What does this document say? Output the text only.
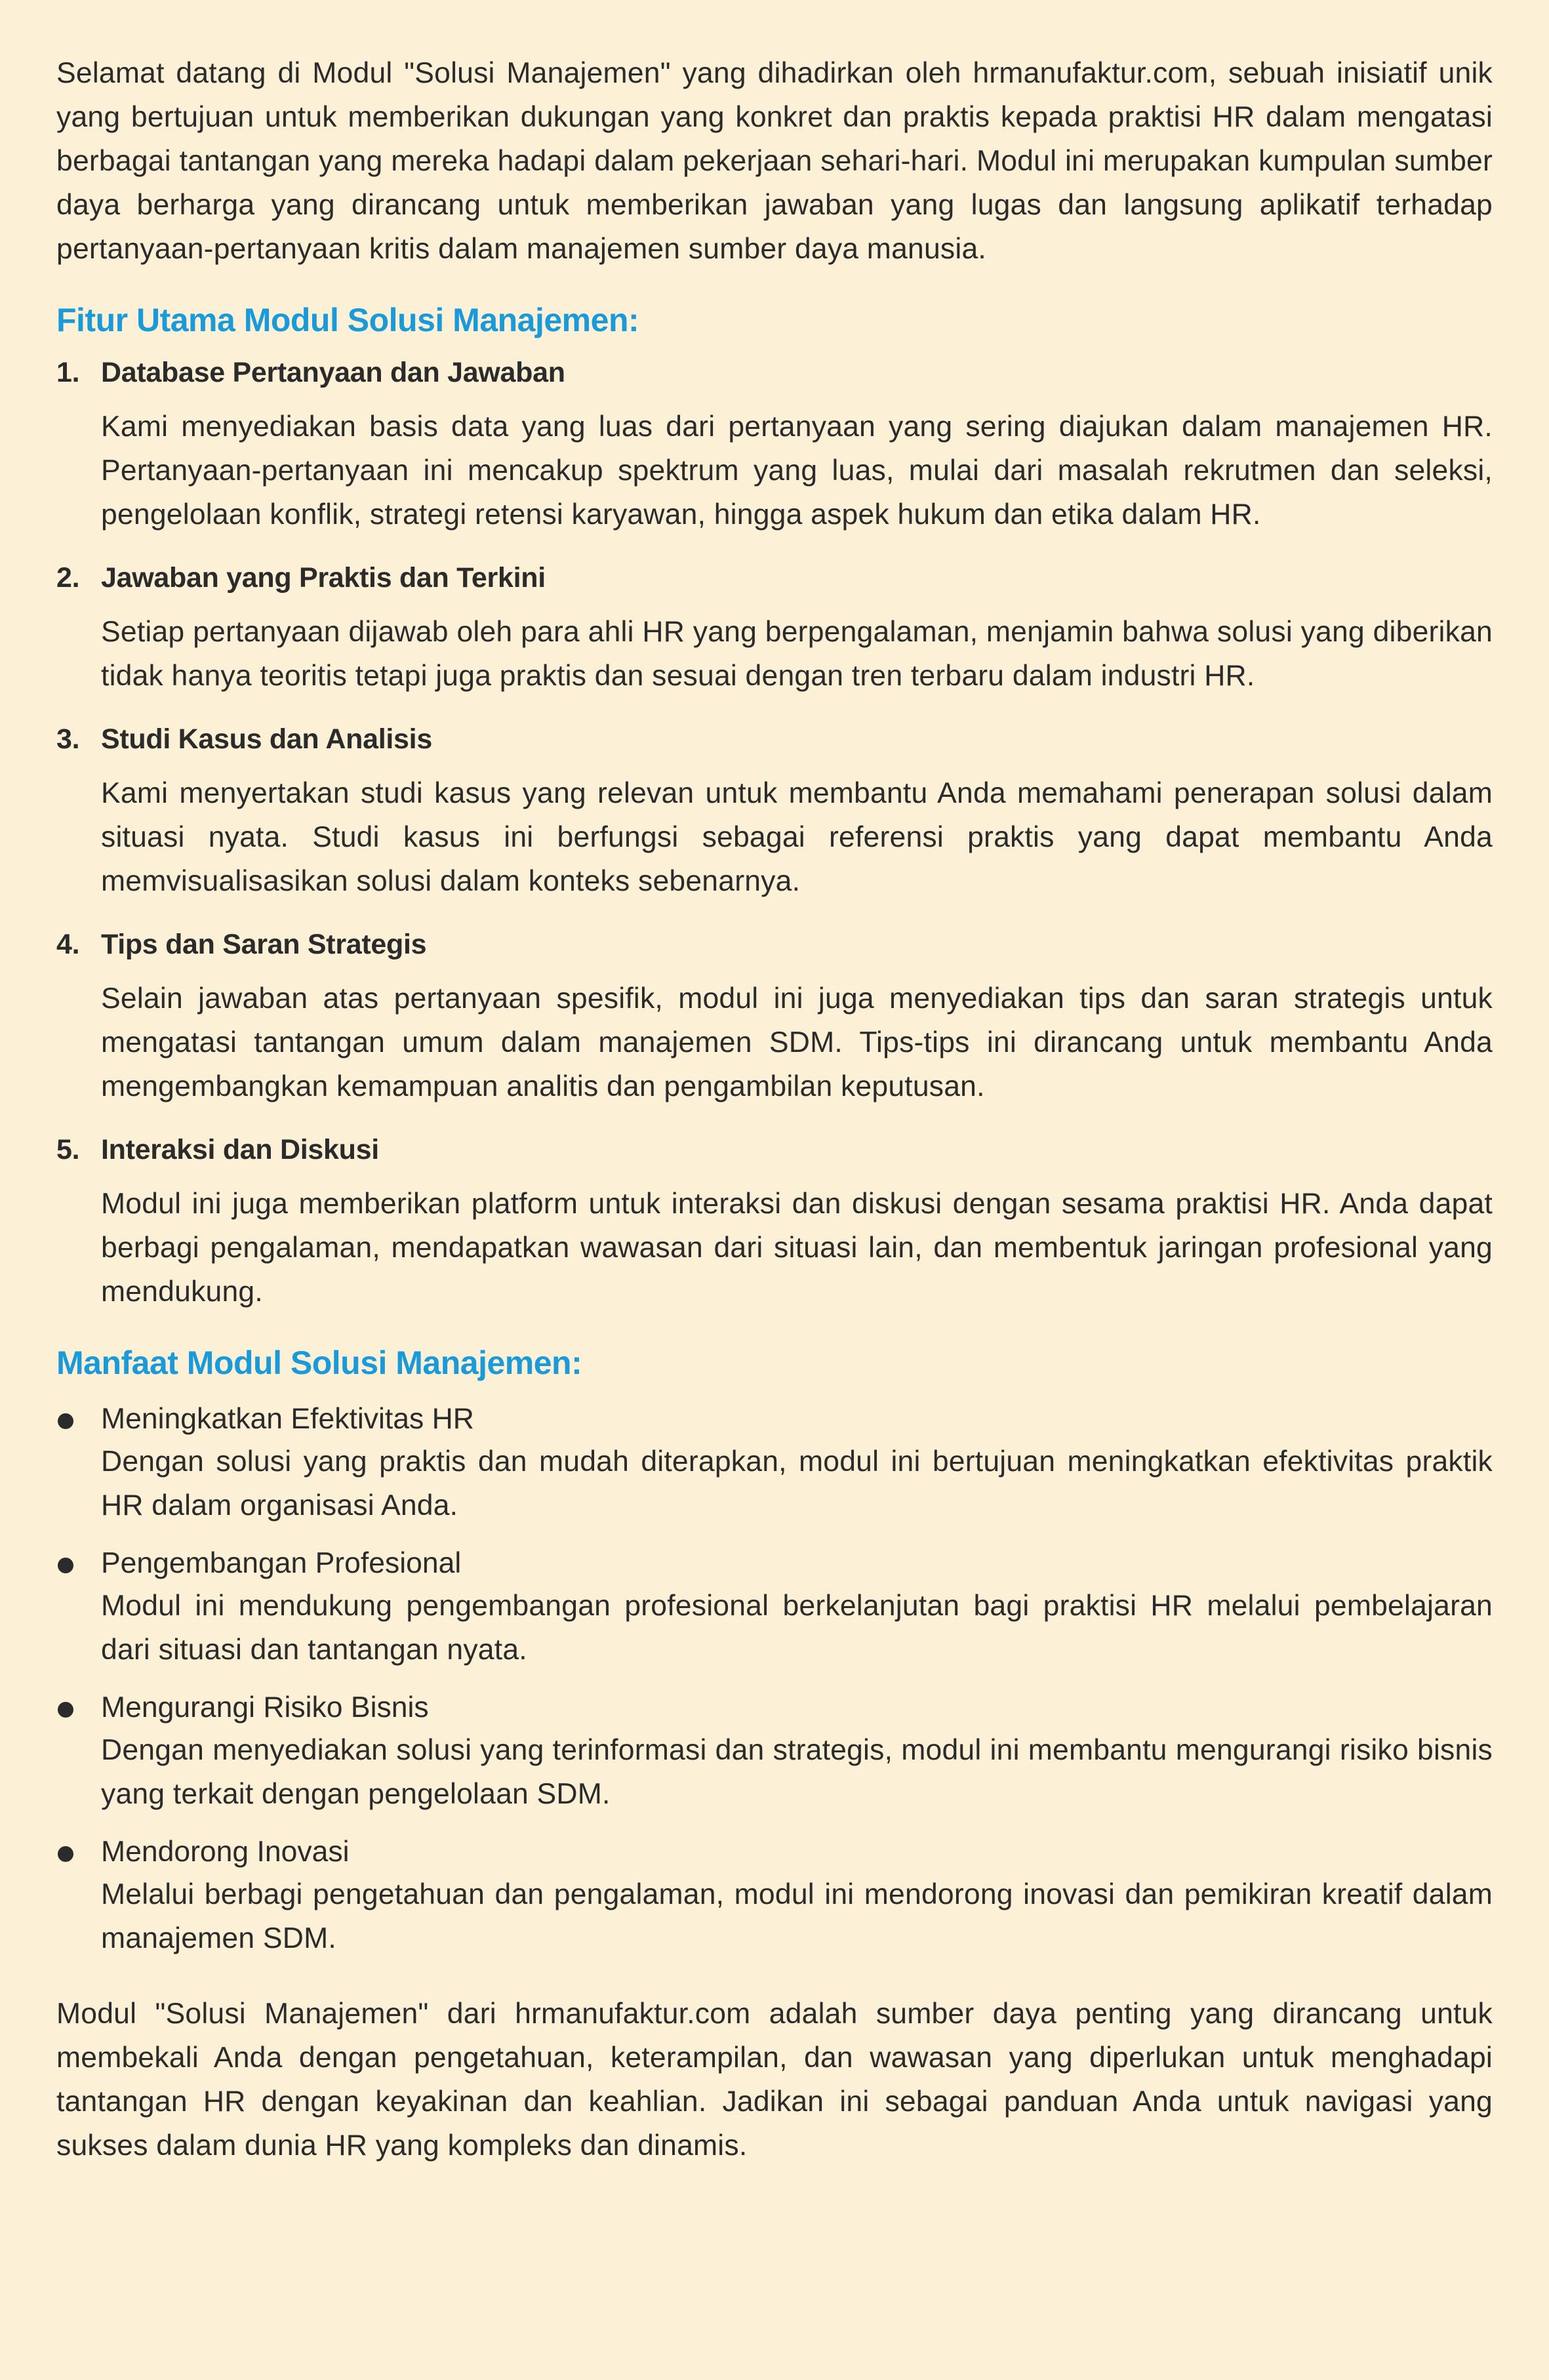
Selamat datang di Modul "Solusi Manajemen" yang dihadirkan oleh hrmanufaktur.com, sebuah inisiatif unik yang bertujuan untuk memberikan dukungan yang konkret dan praktis kepada praktisi HR dalam mengatasi berbagai tantangan yang mereka hadapi dalam pekerjaan sehari-hari. Modul ini merupakan kumpulan sumber daya berharga yang dirancang untuk memberikan jawaban yang lugas dan langsung aplikatif terhadap pertanyaan-pertanyaan kritis dalam manajemen sumber daya manusia.

Fitur Utama Modul Solusi Manajemen:
1. Database Pertanyaan dan Jawaban

Kami menyediakan basis data yang luas dari pertanyaan yang sering diajukan dalam manajemen HR. Pertanyaan-pertanyaan ini mencakup spektrum yang luas, mulai dari masalah rekrutmen dan seleksi, pengelolaan konflik, strategi retensi karyawan, hingga aspek hukum dan etika dalam HR.

2. Jawaban yang Praktis dan Terkini

Setiap pertanyaan dijawab oleh para ahli HR yang berpengalaman, menjamin bahwa solusi yang diberikan tidak hanya teoritis tetapi juga praktis dan sesuai dengan tren terbaru dalam industri HR.

3. Studi Kasus dan Analisis

Kami menyertakan studi kasus yang relevan untuk membantu Anda memahami penerapan solusi dalam situasi nyata. Studi kasus ini berfungsi sebagai referensi praktis yang dapat membantu Anda memvisualisasikan solusi dalam konteks sebenarnya.

4. Tips dan Saran Strategis

Selain jawaban atas pertanyaan spesifik, modul ini juga menyediakan tips dan saran strategis untuk mengatasi tantangan umum dalam manajemen SDM. Tips-tips ini dirancang untuk membantu Anda mengembangkan kemampuan analitis dan pengambilan keputusan.

5. Interaksi dan Diskusi

Modul ini juga memberikan platform untuk interaksi dan diskusi dengan sesama praktisi HR. Anda dapat berbagi pengalaman, mendapatkan wawasan dari situasi lain, dan membentuk jaringan profesional yang mendukung.

Manfaat Modul Solusi Manajemen:
Meningkatkan Efektivitas HR

Dengan solusi yang praktis dan mudah diterapkan, modul ini bertujuan meningkatkan efektivitas praktik HR dalam organisasi Anda.

Pengembangan Profesional

Modul ini mendukung pengembangan profesional berkelanjutan bagi praktisi HR melalui pembelajaran dari situasi dan tantangan nyata.

Mengurangi Risiko Bisnis

Dengan menyediakan solusi yang terinformasi dan strategis, modul ini membantu mengurangi risiko bisnis yang terkait dengan pengelolaan SDM.

Mendorong Inovasi

Melalui berbagi pengetahuan dan pengalaman, modul ini mendorong inovasi dan pemikiran kreatif dalam manajemen SDM.

Modul "Solusi Manajemen" dari hrmanufaktur.com adalah sumber daya penting yang dirancang untuk membekali Anda dengan pengetahuan, keterampilan, dan wawasan yang diperlukan untuk menghadapi tantangan HR dengan keyakinan dan keahlian. Jadikan ini sebagai panduan Anda untuk navigasi yang sukses dalam dunia HR yang kompleks dan dinamis.
